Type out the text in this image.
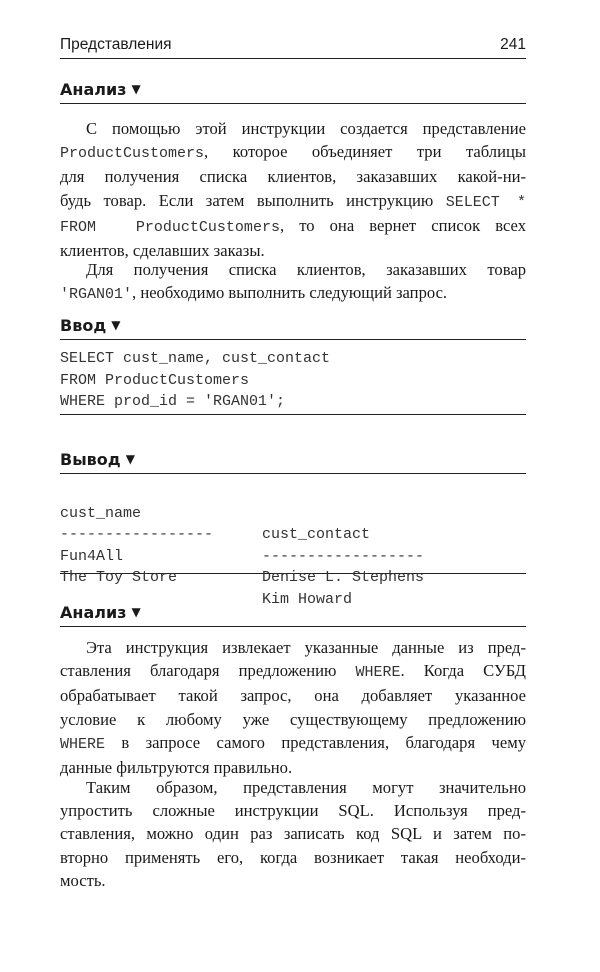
Представления	241
Анализ ▼
С помощью этой инструкции создается представление
ProductCustomers, которое объединяет три таблицы
для получения списка клиентов, заказавших какой-ни-
будь товар. Если затем выполнить инструкцию SELECT *
FROM  ProductCustomers, то она вернет список всех
клиентов, сделавших заказы.
Для получения списка клиентов, заказавших товар
'RGAN01', необходимо выполнить следующий запрос.
Ввод ▼
SELECT cust_name, cust_contact
FROM ProductCustomers
WHERE prod_id = 'RGAN01';
Вывод ▼

cust_name

cust_contact

-----------------

------------------

Fun4All

Denise L. Stephens

The Toy Store

Kim Howard

Анализ ▼
Эта инструкция извлекает указанные данные из пред-
ставления благодаря предложению WHERE. Когда СУБД
обрабатывает такой запрос, она добавляет указанное
условие к любому уже существующему предложению
WHERE в запросе самого представления, благодаря чему
данные фильтруются правильно.
Таким образом, представления могут значительно
упростить сложные инструкции SQL. Используя пред-
ставления, можно один раз записать код SQL и затем по-
вторно применять его, когда возникает такая необходи-
мость.
